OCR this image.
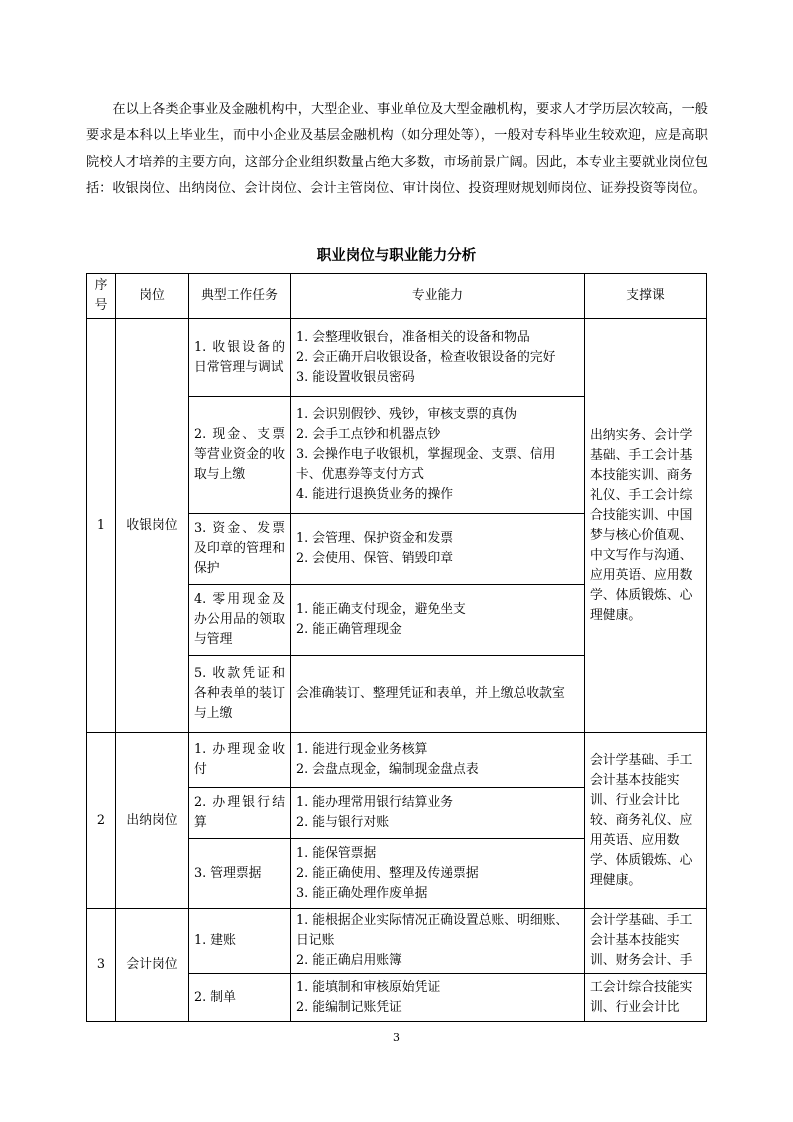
在以上各类企事业及金融机构中，大型企业、事业单位及大型金融机构，要求人才学历层次较高，一般要求是本科以上毕业生，而中小企业及基层金融机构（如分理处等），一般对专科毕业生较欢迎，应是高职院校人才培养的主要方向，这部分企业组织数量占绝大多数，市场前景广阔。因此，本专业主要就业岗位包括：收银岗位、出纳岗位、会计岗位、会计主管岗位、审计岗位、投资理财规划师岗位、证券投资等岗位。

职业岗位与职业能力分析

序号	岗位	典型工作任务	专业能力	支撑课
1	收银岗位	1. 收银设备的日常管理与调试	1. 会整理收银台，准备相关的设备和物品
2. 会正确开启收银设备，检查收银设备的完好
3. 能设置收银员密码	出纳实务、会计学基础、手工会计基本技能实训、商务礼仪、手工会计综合技能实训、中国梦与核心价值观、中文写作与沟通、应用英语、应用数学、体质锻炼、心理健康。
		2. 现金、支票等营业资金的收取与上缴	1. 会识别假钞、残钞，审核支票的真伪
2. 会手工点钞和机器点钞
3. 会操作电子收银机，掌握现金、支票、信用卡、优惠券等支付方式
4. 能进行退换货业务的操作	

		3. 资金、发票及印章的管理和保护	1. 会管理、保护资金和发票
2. 会使用、保管、销毁印章	

		4. 零用现金及办公用品的领取与管理	1. 能正确支付现金，避免坐支
2. 能正确管理现金	

		5. 收款凭证和各种表单的装订与上缴	会准确装订、整理凭证和表单，并上缴总收款室	

2	出纳岗位	1. 办理现金收付	1. 能进行现金业务核算
2. 会盘点现金，编制现金盘点表	会计学基础、手工会计基本技能实训、行业会计比较、商务礼仪、应用英语、应用数学、体质锻炼、心理健康。
		2. 办理银行结算	1. 能办理常用银行结算业务
2. 能与银行对账	

		3. 管理票据	1. 能保管票据
2. 能正确使用、整理及传递票据
3. 能正确处理作废单据	

3	会计岗位	1. 建账	1. 能根据企业实际情况正确设置总账、明细账、日记账
2. 能正确启用账簿	会计学基础、手工会计基本技能实训、财务会计、手
		2. 制单	1. 能填制和审核原始凭证
2. 能编制记账凭证	工会计综合技能实训、行业会计比
3
